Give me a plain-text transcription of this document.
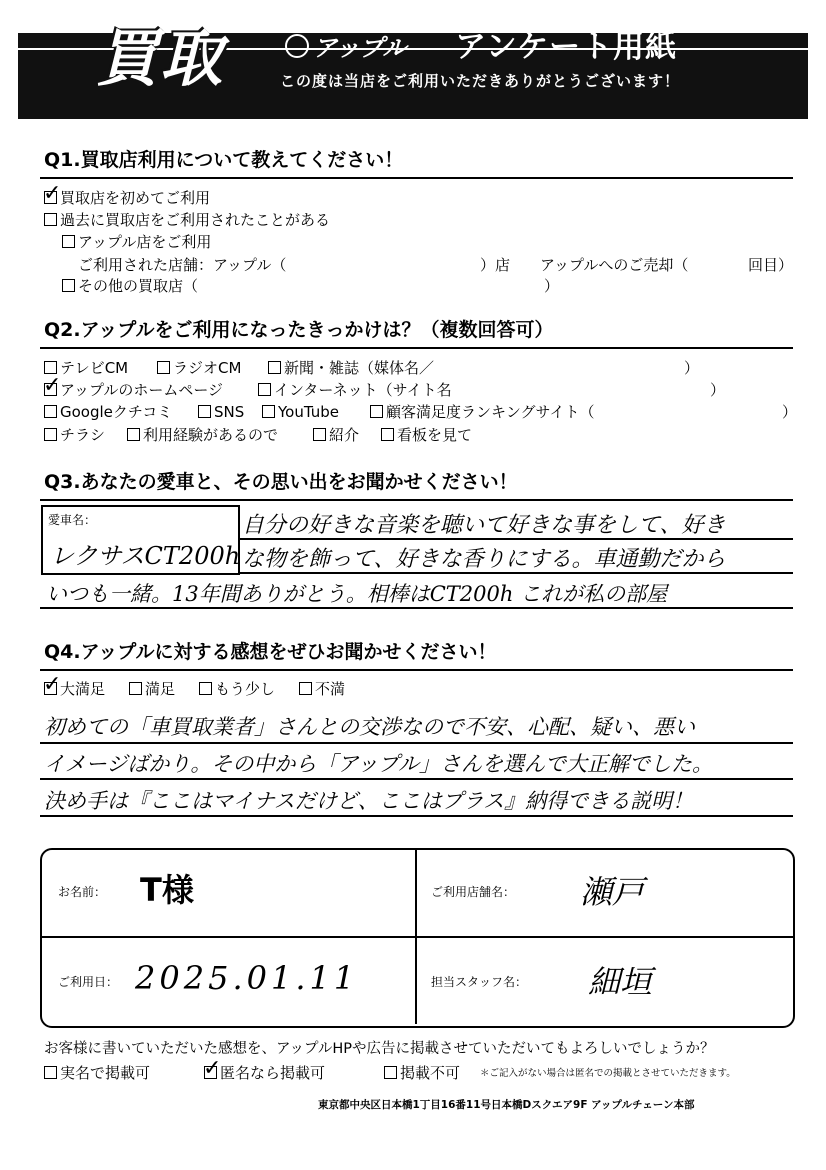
買取	アップル アンケート用紙
この度は当店をご利用いただきありがとうございます！
Q1.買取店利用について教えてください！
✓
買取店を初めてご利用
過去に買取店をご利用されたことがある
アップル店をご利用
ご利用された店舗：アップル（	）店 アップルへのご売却（	回目）
その他の買取店（	）
Q2.アップルをご利用になったきっかけは？（複数回答可）
テレビCM	ラジオCM	新聞・雑誌（媒体名／	）
✓
アップルのホームページ	インターネット（サイト名	）
Googleクチコミ	SNS	YouTube	顧客満足度ランキングサイト（	）
チラシ	利用経験があるので	紹介	看板を見て
Q3.あなたの愛車と、その思い出をお聞かせください！
愛車名：
レクサスCT200h
自分の好きな音楽を聴いて好きな事をして、好き
な物を飾って、好きな香りにする。車通勤だから
いつも一緒。13年間ありがとう。相棒はCT200h これが私の部屋
Q4.アップルに対する感想をぜひお聞かせください！
✓
大満足	満足	もう少し	不満
初めての「車買取業者」さんとの交渉なので不安、心配、疑い、悪い
イメージばかり。その中から「アップル」さんを選んで大正解でした。
決め手は『ここはマイナスだけど、ここはプラス』納得できる説明！
お名前： T様	ご利用店舗名： 瀬戸
ご利用日： 2025.01.11	担当スタッフ名： 細垣
お客様に書いていただいた感想を、アップルHPや広告に掲載させていただいてもよろしいでしょうか？
実名で掲載可 ✓
匿名なら掲載可	掲載不可 ＊ご記入がない場合は匿名での掲載とさせていただきます。
東京都中央区日本橋1丁目16番11号日本橋Dスクエア9F アップルチェーン本部
